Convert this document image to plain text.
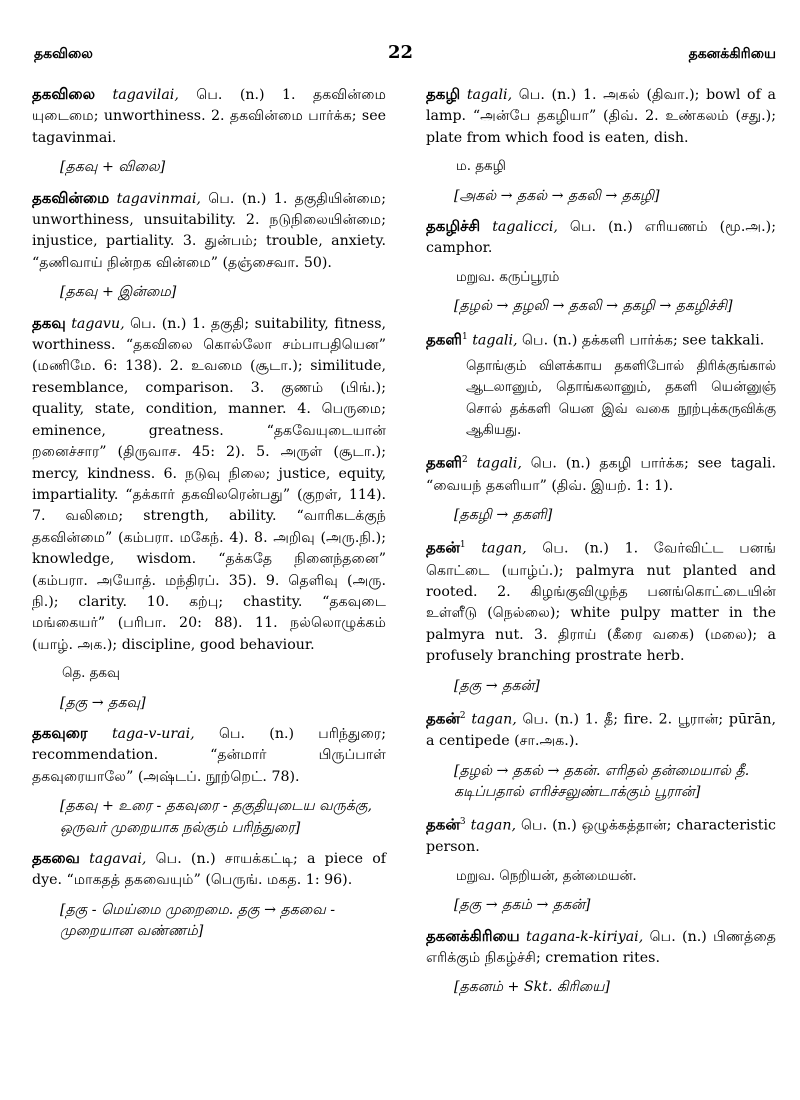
தகவிலை	22	தகனக்கிரியை
தகவிலை tagavilai, பெ. (n.) 1. தகவின்மை யுடைமை; unworthiness. 2. தகவின்மை பார்க்க; see tagavinmai.
[தகவு + விலை]
தகவின்மை tagavinmai, பெ. (n.) 1. தகுதியின்மை; unworthiness, unsuitability. 2. நடுநிலையின்மை; injustice, partiality. 3. துன்பம்; trouble, anxiety. “தணிவாய் நின்றக வின்மை” (தஞ்சைவா. 50).
[தகவு + இன்மை]
தகவு tagavu, பெ. (n.) 1. தகுதி; suitability, fitness, worthiness. “தகவிலை கொல்லோ சம்பாபதியென” (மணிமே. 6: 138). 2. உவமை (சூடா.); similitude, resemblance, comparison. 3. குணம் (பிங்.); quality, state, condition, manner. 4. பெருமை; eminence, greatness. “தகவேயுடையான் றனைச்சார” (திருவாச. 45: 2). 5. அருள் (சூடா.); mercy, kindness. 6. நடுவு நிலை; justice, equity, impartiality. “தக்கார் தகவிலரென்பது” (குறள், 114). 7. வலிமை; strength, ability. “வாரிகடக்குந் தகவின்மை” (கம்பரா. மகேந். 4). 8. அறிவு (அரு.நி.); knowledge, wisdom. “தக்கதே நினைந்தனை” (கம்பரா. அயோத். மந்திரப். 35). 9. தெளிவு (அரு. நி.); clarity. 10. கற்பு; chastity. “தகவுடை மங்கையர்” (பரிபா. 20: 88). 11. நல்லொழுக்கம் (யாழ். அக.); discipline, good behaviour.
தெ. தகவு
[தகு → தகவு]
தகவுரை taga-v-urai, பெ. (n.) பரிந்துரை; recommendation. “தன்மார் பிருப்பாள் தகவுரையாலே” (அஷ்டப். நூற்றெட். 78).
[தகவு + உரை - தகவுரை - தகுதியுடைய வருக்கு, ஒருவர் முறையாக நல்கும் பரிந்துரை]
தகவை tagavai, பெ. (n.) சாயக்கட்டி; a piece of dye. “மாகதத் தகவையும்” (பெருங். மகத. 1: 96).
[தகு - மெய்மை முறைமை. தகு → தகவை - முறையான வண்ணம்]
தகழி tagali, பெ. (n.) 1. அகல் (திவா.); bowl of a lamp. “அன்பே தகழியா” (திவ். 2. உண்கலம் (சது.); plate from which food is eaten, dish.
ம. தகழி
[அகல் → தகல் → தகலி → தகழி]
தகழிச்சி tagalicci, பெ. (n.) எரியணம் (மூ.அ.); camphor.
மறுவ. கருப்பூரம்
[தழல் → தழலி → தகலி → தகழி → தகழிச்சி]
தகளி$^1$ tagali, பெ. (n.) தக்களி பார்க்க; see takkali.
தொங்கும் விளக்காய தகளிபோல் திரிக்குங்கால் ஆடலானும், தொங்கலானும், தகளி யென்னுஞ் சொல் தக்களி யென இவ் வகை நூற்புக்கருவிக்கு ஆகியது.
தகளி$^2$ tagali, பெ. (n.) தகழி பார்க்க; see tagali. “வையந் தகளியா” (திவ். இயற். 1: 1).
[தகழி → தகளி]
தகன்$^1$ tagan, பெ. (n.) 1. வேர்விட்ட பனங் கொட்டை (யாழ்ப்.); palmyra nut planted and rooted. 2. கிழங்குவிழுந்த பனங்கொட்டையின் உள்ளீடு (நெல்லை); white pulpy matter in the palmyra nut. 3. திராய் (கீரை வகை) (மலை); a profusely branching prostrate herb.
[தகு → தகன்]
தகன்$^2$ tagan, பெ. (n.) 1. தீ; fire. 2. பூரான்; pūrān, a centipede (சா.அக.).
[தழல் → தகல் → தகன். எரிதல் தன்மையால் தீ. கடிப்பதால் எரிச்சலுண்டாக்கும் பூரான்]
தகன்$^3$ tagan, பெ. (n.) ஒழுக்கத்தான்; characteristic person.
மறுவ. நெறியன், தன்மையன்.
[தகு → தகம் → தகன்]
தகனக்கிரியை tagana-k-kiriyai, பெ. (n.) பிணத்தை எரிக்கும் நிகழ்ச்சி; cremation rites.
[தகனம் + Skt. கிரியை]
